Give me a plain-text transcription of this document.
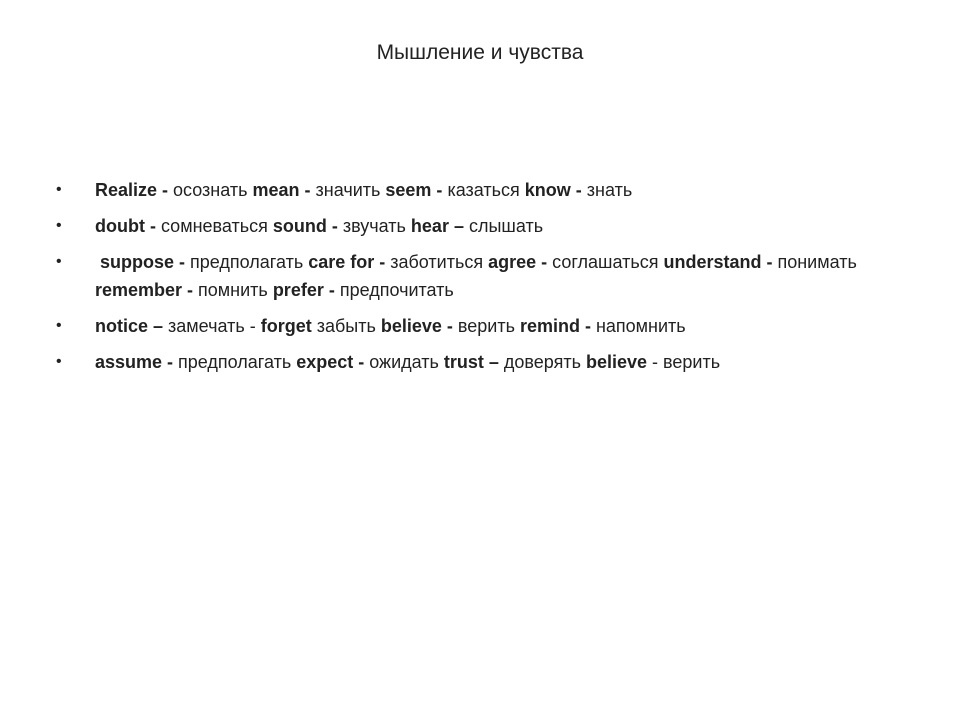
Мышление и чувства
•	Realize - осознать mean - значить seem - казаться know - знать
•	doubt - сомневаться sound - звучать hear – слышать
•	suppose - предполагать care for - заботиться agree - соглашаться understand - понимать remember - помнить prefer - предпочитать
•	notice – замечать - forget забыть believe - верить remind - напомнить
•	assume - предполагать expect - ожидать trust – доверять believe - верить
